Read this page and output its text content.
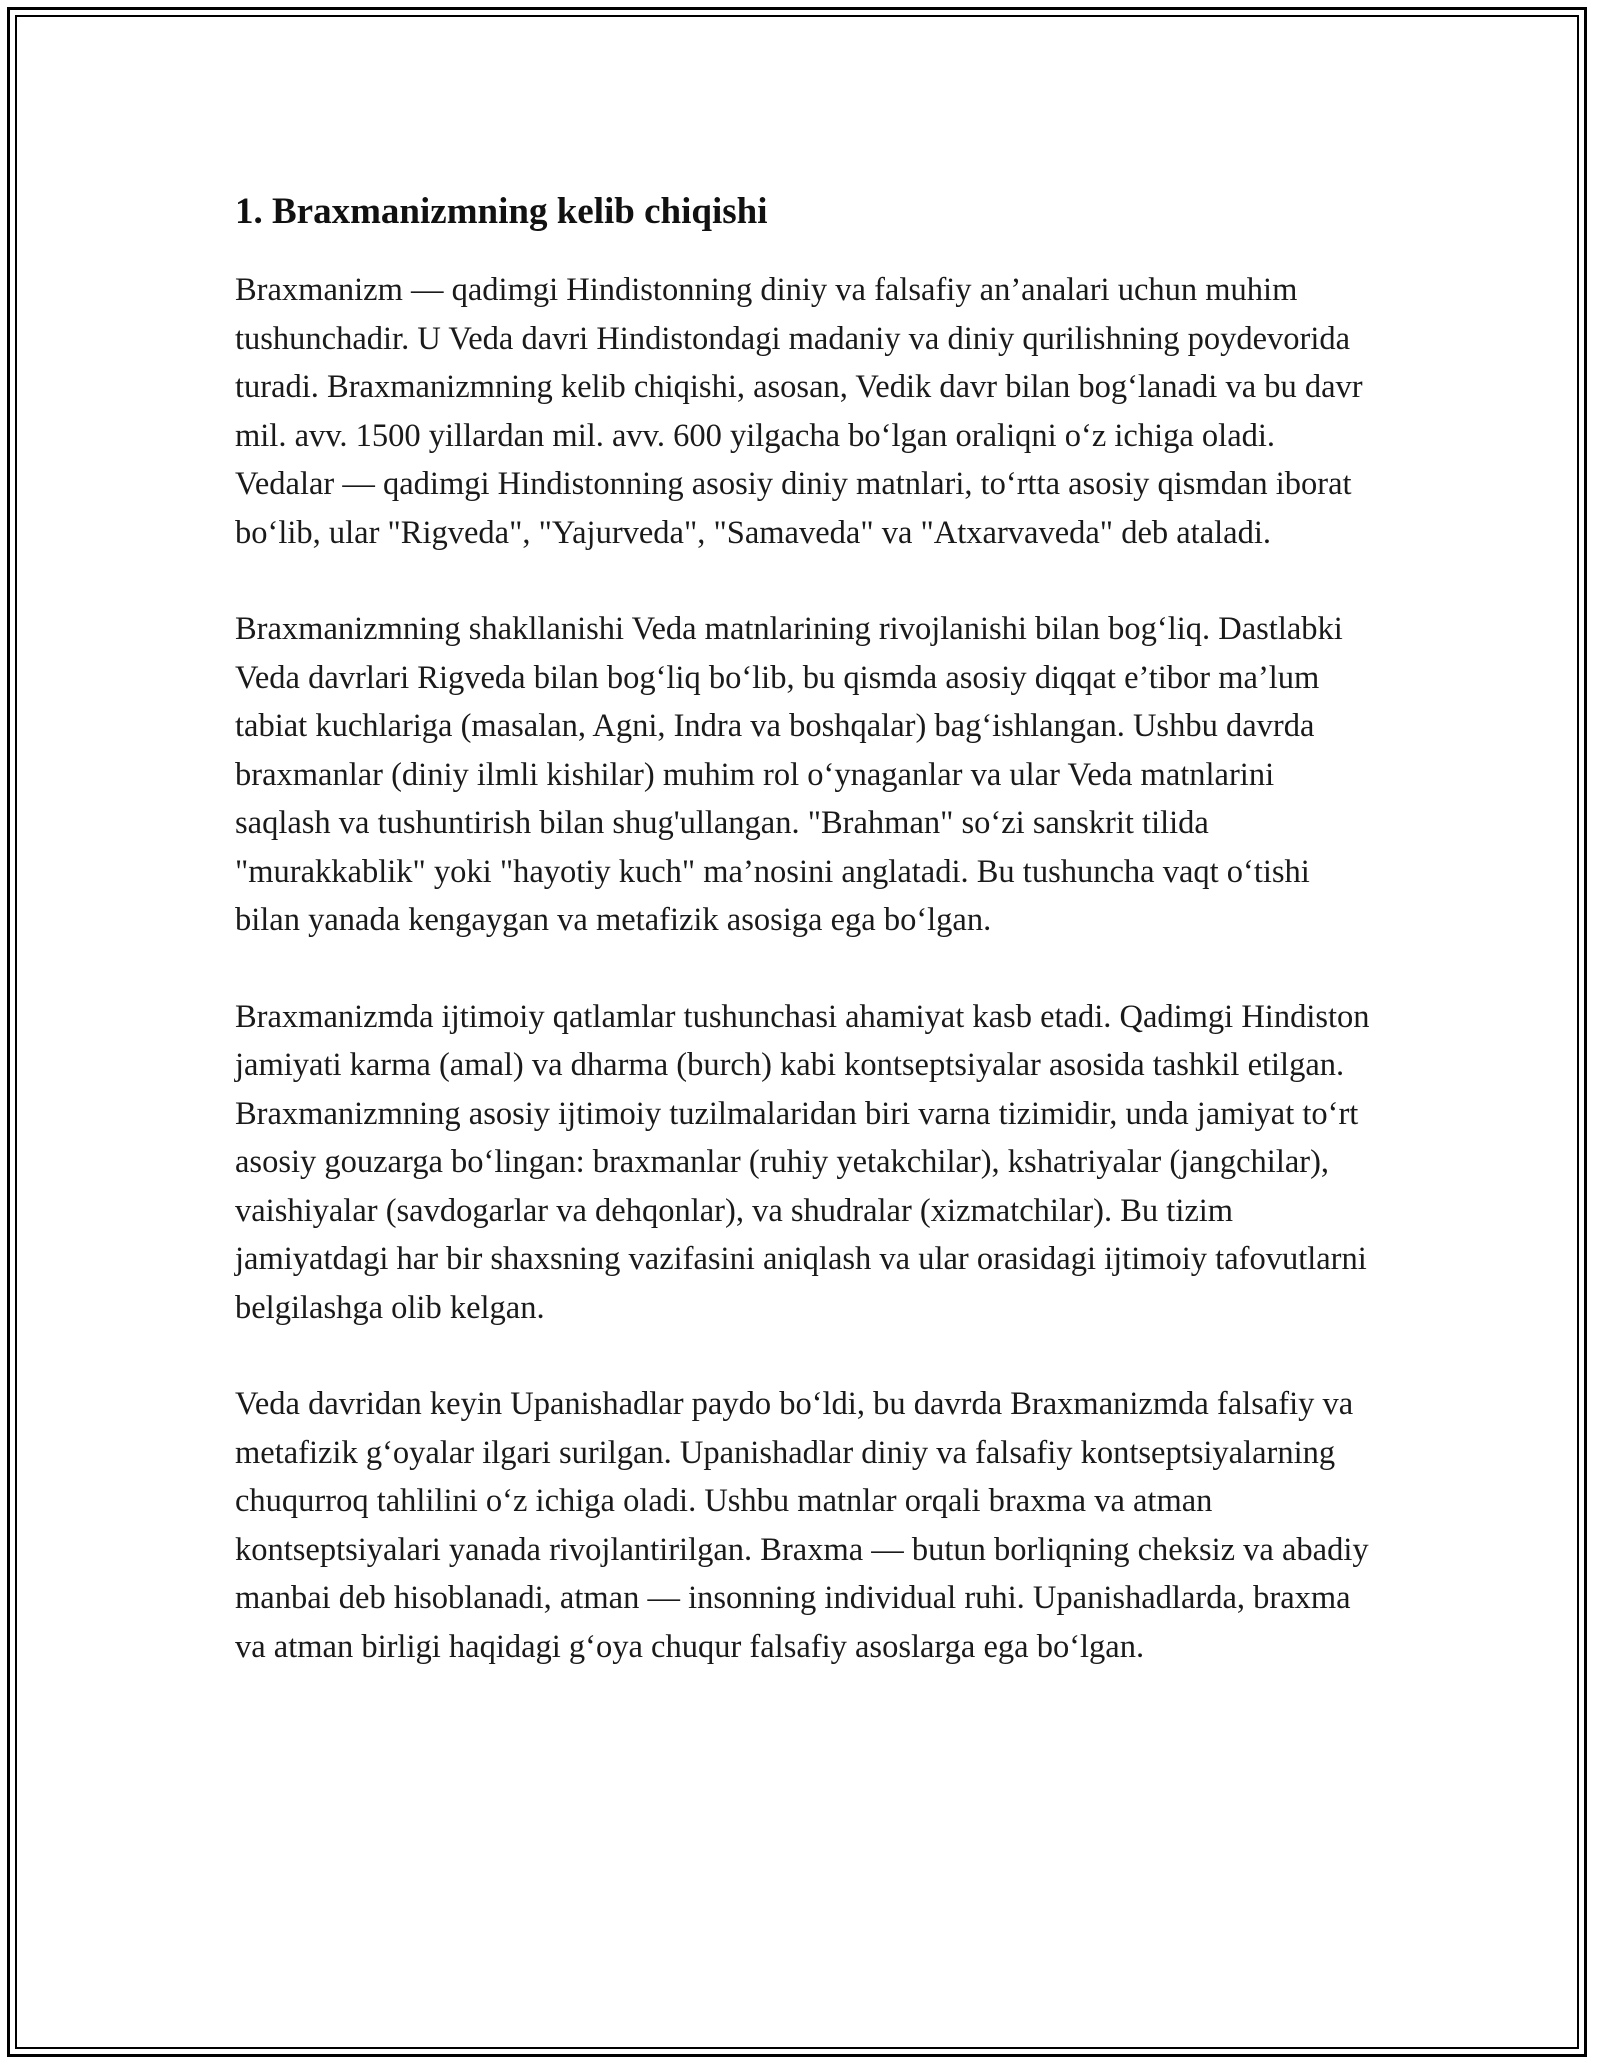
1. Braxmanizmning kelib chiqishi

Braxmanizm — qadimgi Hindistonning diniy va falsafiy an’analari uchun muhim tushunchadir. U Veda davri Hindistondagi madaniy va diniy qurilishning poydevorida turadi. Braxmanizmning kelib chiqishi, asosan, Vedik davr bilan bog‘lanadi va bu davr mil. avv. 1500 yillardan mil. avv. 600 yilgacha bo‘lgan oraliqni o‘z ichiga oladi. Vedalar — qadimgi Hindistonning asosiy diniy matnlari, to‘rtta asosiy qismdan iborat bo‘lib, ular "Rigveda", "Yajurveda", "Samaveda" va "Atxarvaveda" deb ataladi.

Braxmanizmning shakllanishi Veda matnlarining rivojlanishi bilan bog‘liq. Dastlabki Veda davrlari Rigveda bilan bog‘liq bo‘lib, bu qismda asosiy diqqat e’tibor ma’lum tabiat kuchlariga (masalan, Agni, Indra va boshqalar) bag‘ishlangan. Ushbu davrda braxmanlar (diniy ilmli kishilar) muhim rol o‘ynaganlar va ular Veda matnlarini saqlash va tushuntirish bilan shug'ullangan. "Brahman" so‘zi sanskrit tilida "murakkablik" yoki "hayotiy kuch" ma’nosini anglatadi. Bu tushuncha vaqt o‘tishi bilan yanada kengaygan va metafizik asosiga ega bo‘lgan.

Braxmanizmda ijtimoiy qatlamlar tushunchasi ahamiyat kasb etadi. Qadimgi Hindiston jamiyati karma (amal) va dharma (burch) kabi kontseptsiyalar asosida tashkil etilgan. Braxmanizmning asosiy ijtimoiy tuzilmalaridan biri varna tizimidir, unda jamiyat to‘rt asosiy gouzarga bo‘lingan: braxmanlar (ruhiy yetakchilar), kshatriyalar (jangchilar), vaishiyalar (savdogarlar va dehqonlar), va shudralar (xizmatchilar). Bu tizim jamiyatdagi har bir shaxsning vazifasini aniqlash va ular orasidagi ijtimoiy tafovutlarni belgilashga olib kelgan.

Veda davridan keyin Upanishadlar paydo bo‘ldi, bu davrda Braxmanizmda falsafiy va metafizik g‘oyalar ilgari surilgan. Upanishadlar diniy va falsafiy kontseptsiyalarning chuqurroq tahlilini o‘z ichiga oladi. Ushbu matnlar orqali braxma va atman kontseptsiyalari yanada rivojlantirilgan. Braxma — butun borliqning cheksiz va abadiy manbai deb hisoblanadi, atman — insonning individual ruhi. Upanishadlarda, braxma va atman birligi haqidagi g‘oya chuqur falsafiy asoslarga ega bo‘lgan.
